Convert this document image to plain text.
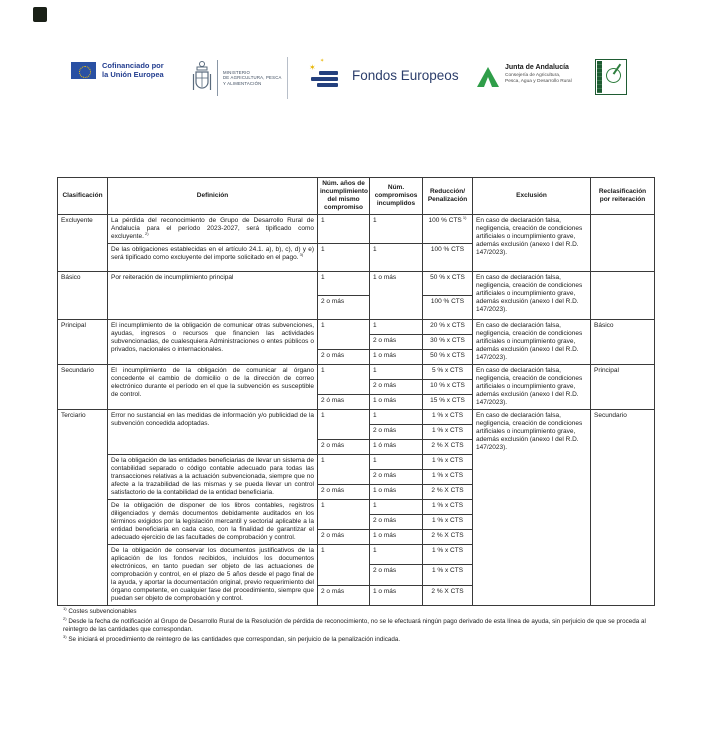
Cofinanciado por
la Unión Europea	MINISTERIO
DE AGRICULTURA, PESCA
Y ALIMENTACIÓN
✶
✶
Fondos Europeos	Junta de Andalucía
Consejería de Agricultura,
Pesca, Agua y Desarrollo Rural
Clasificación	Definición	Núm. años de incumplimiento del mismo compromiso	Núm. compromisos incumplidos	Reducción/ Penalización	Exclusión	Reclasificación por reiteración
Excluyente	La pérdida del reconocimiento de Grupo de Desarrollo Rural de Andalucía para el período 2023-2027, será tipificado como excluyente. $^{2)}$	1	1	100 % CTS $^{1)}$	En caso de declaración falsa, negligencia, creación de condiciones artificiales o incumplimiento grave, además exclusión (anexo I del R.D. 147/2023).	
	De las obligaciones establecidas en el artículo 24.1. a), b), c), d) y e) será tipificado como excluyente del importe solicitado en el pago. $^{3)}$	1	1	100 % CTS		
Básico	Por reiteración de incumplimiento principal	1	1 o más	50 % x CTS	En caso de declaración falsa, negligencia, creación de condiciones artificiales o incumplimiento grave, además exclusión (anexo I del R.D. 147/2023).	
		2 o más		100 % CTS		
Principal	El incumplimiento de la obligación de comunicar otras subvenciones, ayudas, ingresos o recursos que financien las actividades subvencionadas, de cualesquiera Administraciones o entes públicos o privados, nacionales o internacionales.	1	1	20 % x CTS	En caso de declaración falsa, negligencia, creación de condiciones artificiales o incumplimiento grave, además exclusión (anexo I del R.D. 147/2023).	Básico
			2 o más	30 % x CTS		
		2 o más	1 o más	50 % x CTS		
Secundario	El incumplimiento de la obligación de comunicar al órgano concedente el cambio de domicilio o de la dirección de correo electrónico durante el período en el que la subvención es susceptible de control.	1	1	5 % x CTS	En caso de declaración falsa, negligencia, creación de condiciones artificiales o incumplimiento grave, además exclusión (anexo I del R.D. 147/2023).	Principal
			2 o más	10 % x CTS		
		2 ó mas	1 o más	15 % x CTS		
Terciario	Error no sustancial en las medidas de información y/o publicidad de la subvención concedida adoptadas.	1	1	1 % x CTS	En caso de declaración falsa, negligencia, creación de condiciones artificiales o incumplimiento grave, además exclusión (anexo I del R.D. 147/2023).	Secundario
			2 o más	1 % x CTS		
		2 o más	1 ó más	2 % X CTS		
	De la obligación de las entidades beneficiarias de llevar un sistema de contabilidad separado o código contable adecuado para todas las transacciones relativas a la actuación subvencionada, siempre que no afecte a la trazabilidad de las mismas y se pueda llevar un control satisfactorio de la contabilidad de la entidad beneficiaria.	1	1	1 % x CTS		
			2 o más	1 % x CTS		
		2 o más	1 o más	2 % X CTS		
	De la obligación de disponer de los libros contables, registros diligenciados y demás documentos debidamente auditados en los términos exigidos por la legislación mercantil y sectorial aplicable a la entidad beneficiaria en cada caso, con la finalidad de garantizar el adecuado ejercicio de las facultades de comprobación y control.	1	1	1 % x CTS		
			2 o más	1 % x CTS		
		2 o más	1 o más	2 % X CTS		
	De la obligación de conservar los documentos justificativos de la aplicación de los fondos recibidos, incluidos los documentos electrónicos, en tanto puedan ser objeto de las actuaciones de comprobación y control, en el plazo de 5 años desde el pago final de la ayuda, y aportar la documentación original, previo requerimiento del órgano competente, en cualquier fase del procedimiento, siempre que puedan ser objeto de comprobación y control.	1	1	1 % x CTS		
			2 o más	1 % x CTS		
		2 o más	1 o más	2 % X CTS		
$^{1)}$ Costes subvencionables
$^{2)}$ Desde la fecha de notificación al Grupo de Desarrollo Rural de la Resolución de pérdida de reconocimiento, no se le efectuará ningún pago derivado de esta línea de ayuda, sin perjuicio de que se proceda al reintegro de las cantidades que correspondan.
$^{3)}$ Se iniciará el procedimiento de reintegro de las cantidades que correspondan, sin perjuicio de la penalización indicada.
